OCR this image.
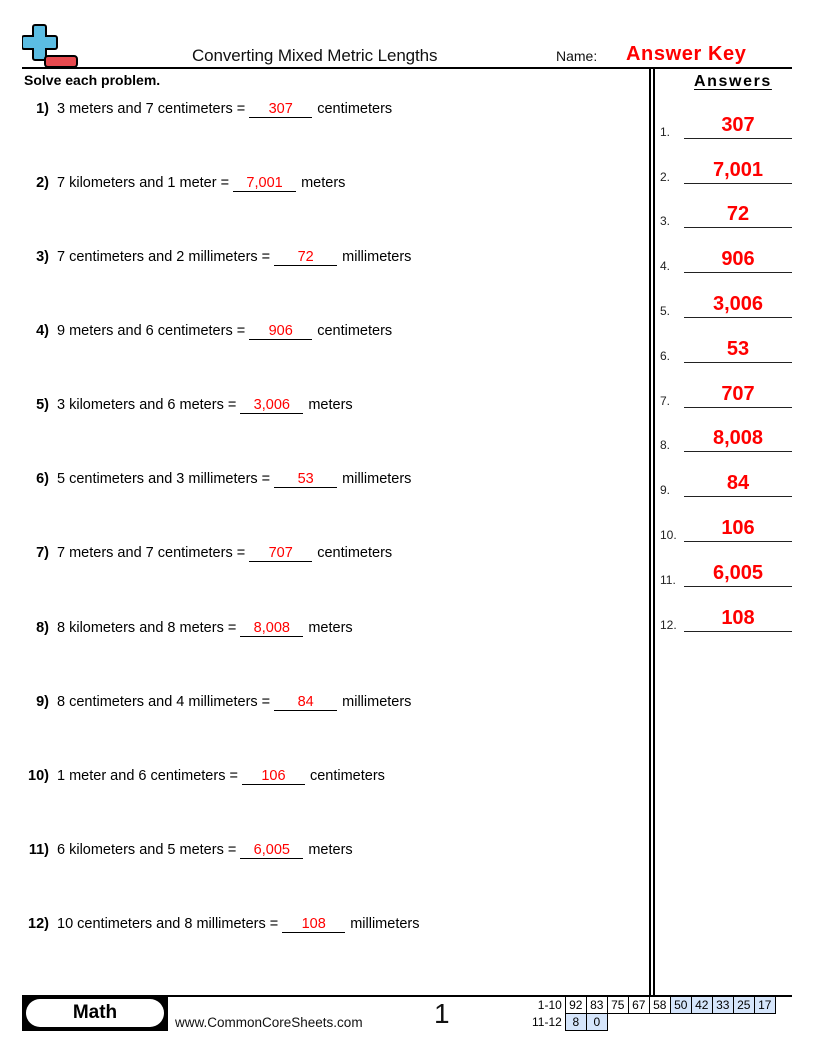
Converting Mixed Metric Lengths	Name: Answer Key
Solve each problem.	Answers
1) 3 meters and 7 centimeters =	307	centimeters
2) 7 kilometers and 1 meter =	7,001	meters
3) 7 centimeters and 2 millimeters =	72	millimeters
4) 9 meters and 6 centimeters =	906	centimeters
5) 3 kilometers and 6 meters =	3,006	meters
6) 5 centimeters and 3 millimeters =	53	millimeters
7) 7 meters and 7 centimeters =	707	centimeters
8) 8 kilometers and 8 meters =	8,008	meters
9) 8 centimeters and 4 millimeters =	84	millimeters
10) 1 meter and 6 centimeters =	106	centimeters
11) 6 kilometers and 5 meters =	6,005	meters
12) 10 centimeters and 8 millimeters =	108	millimeters
1.	307
2.	7,001
3.	72
4.	906
5.	3,006
6.	53
7.	707
8.	8,008
9.	84
10.	106
11.	6,005
12.	108
Math	www.CommonCoreSheets.com	1	1-10	92	83	75	67	58	50	42	33	25	17
11-12	8	0								
